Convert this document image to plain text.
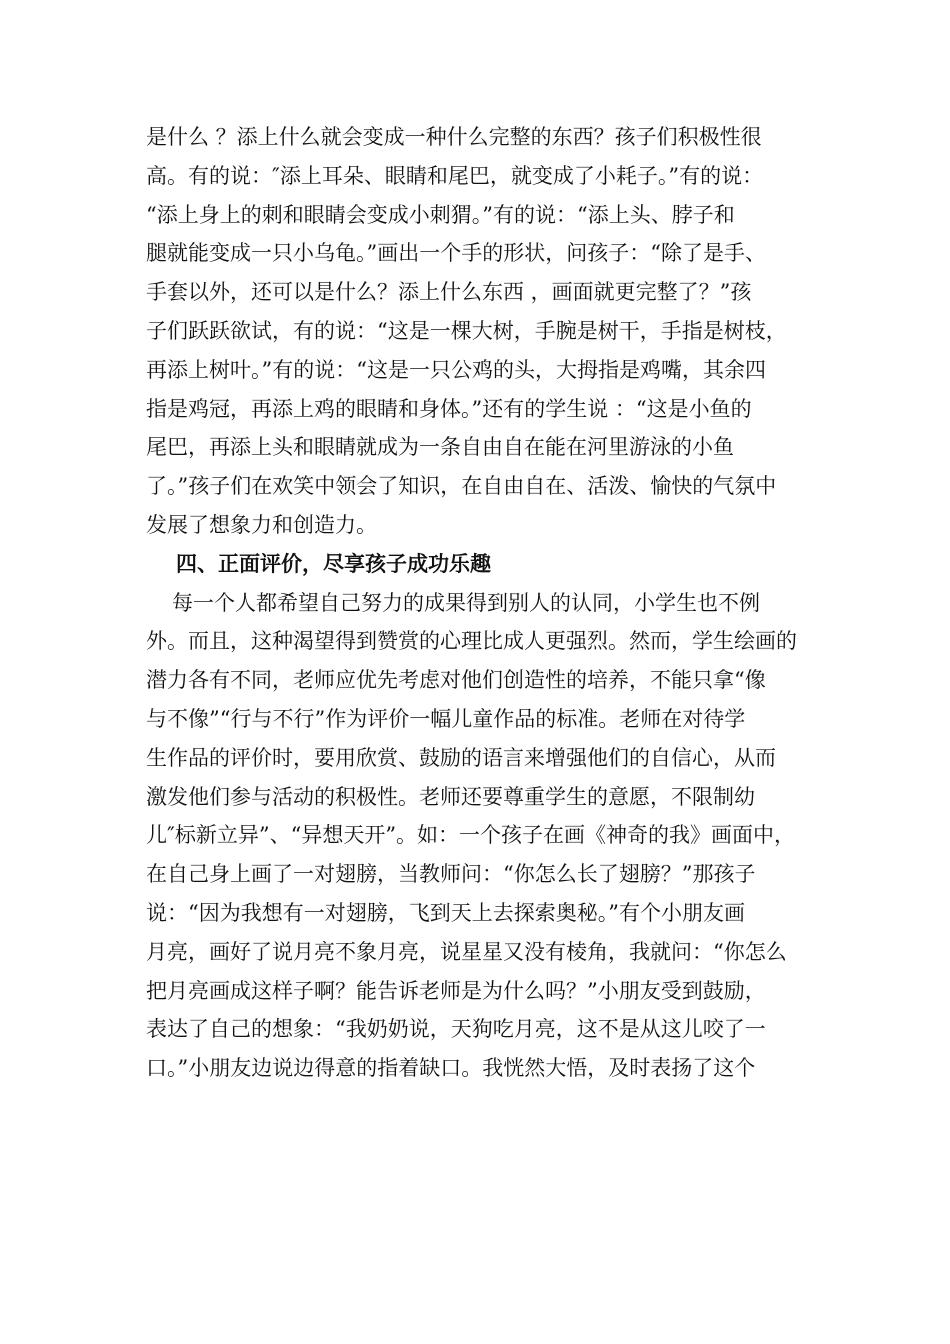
是什么 ？添上什么就会变成一种什么完整的东西？孩子们积极性很
高。有的说：″添上耳朵、眼睛和尾巴，就变成了小耗子。”有的说：
“添上身上的刺和眼睛会变成小刺猬。”有的说：“添上头、脖子和
腿就能变成一只小乌龟。”画出一个手的形状，问孩子：“除了是手、
手套以外，还可以是什么？添上什么东西 ，画面就更完整了？”孩
子们跃跃欲试，有的说：“这是一棵大树，手腕是树干，手指是树枝，
再添上树叶。”有的说：“这是一只公鸡的头，大拇指是鸡嘴，其余四
指是鸡冠，再添上鸡的眼睛和身体。”还有的学生说 ：“这是小鱼的
尾巴，再添上头和眼睛就成为一条自由自在能在河里游泳的小鱼
了。”孩子们在欢笑中领会了知识，在自由自在、活泼、愉快的气氛中
发展了想象力和创造力。
四、正面评价，尽享孩子成功乐趣
每一个人都希望自己努力的成果得到别人的认同，小学生也不例
外。而且，这种渴望得到赞赏的心理比成人更强烈。然而，学生绘画的
潜力各有不同，老师应优先考虑对他们创造性的培养，不能只拿“像
与不像”“行与不行”作为评价一幅儿童作品的标准。老师在对待学
生作品的评价时，要用欣赏、鼓励的语言来增强他们的自信心，从而
激发他们参与活动的积极性。老师还要尊重学生的意愿，不限制幼
儿″标新立异”、“异想天开”。如：一个孩子在画《神奇的我》画面中，
在自己身上画了一对翅膀，当教师问：“你怎么长了翅膀？”那孩子
说：“因为我想有一对翅膀，飞到天上去探索奥秘。”有个小朋友画
月亮，画好了说月亮不象月亮，说星星又没有棱角，我就问：“你怎么
把月亮画成这样子啊？能告诉老师是为什么吗？”小朋友受到鼓励，
表达了自己的想象：“我奶奶说，天狗吃月亮，这不是从这儿咬了一
口。”小朋友边说边得意的指着缺口。我恍然大悟，及时表扬了这个
